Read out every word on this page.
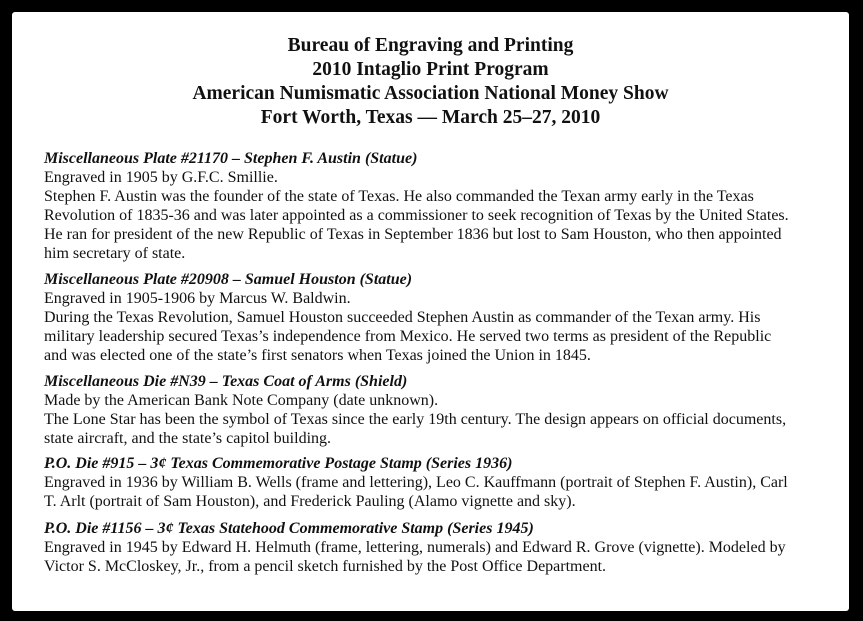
Bureau of Engraving and Printing
2010 Intaglio Print Program
American Numismatic Association National Money Show
Fort Worth, Texas — March 25–27, 2010
Miscellaneous Plate #21170 – Stephen F. Austin (Statue)
Engraved in 1905 by G.F.C. Smillie.
Stephen F. Austin was the founder of the state of Texas. He also commanded the Texan army early in the Texas
Revolution of 1835-36 and was later appointed as a commissioner to seek recognition of Texas by the United States.
He ran for president of the new Republic of Texas in September 1836 but lost to Sam Houston, who then appointed
him secretary of state.
Miscellaneous Plate #20908 – Samuel Houston (Statue)
Engraved in 1905-1906 by Marcus W. Baldwin.
During the Texas Revolution, Samuel Houston succeeded Stephen Austin as commander of the Texan army. His
military leadership secured Texas’s independence from Mexico. He served two terms as president of the Republic
and was elected one of the state’s first senators when Texas joined the Union in 1845.
Miscellaneous Die #N39 – Texas Coat of Arms (Shield)
Made by the American Bank Note Company (date unknown).
The Lone Star has been the symbol of Texas since the early 19th century. The design appears on official documents,
state aircraft, and the state’s capitol building.
P.O. Die #915 – 3¢ Texas Commemorative Postage Stamp (Series 1936)
Engraved in 1936 by William B. Wells (frame and lettering), Leo C. Kauffmann (portrait of Stephen F. Austin), Carl
T. Arlt (portrait of Sam Houston), and Frederick Pauling (Alamo vignette and sky).
P.O. Die #1156 – 3¢ Texas Statehood Commemorative Stamp (Series 1945)
Engraved in 1945 by Edward H. Helmuth (frame, lettering, numerals) and Edward R. Grove (vignette). Modeled by
Victor S. McCloskey, Jr., from a pencil sketch furnished by the Post Office Department.
